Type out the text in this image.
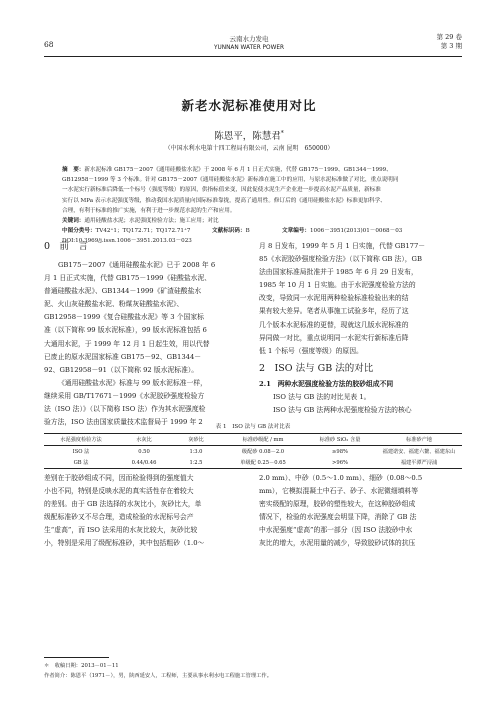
68
云南水力发电
YUNNAN WATER POWER
第 29 卷
第 3 期
新老水泥标准使用对比
陈恩平，陈慧君*
（中国水利水电第十四工程局有限公司，云南 昆明　650000）

摘　要：新水泥标准 GB175－2007《通用硅酸盐水泥》于 2008 年 6 月 1 日正式实施，代替 GB175－1999、GB1344－1999、

GB12958－1999 等 3 个标准。针对 GB175－2007《通用硅酸盐水泥》新标准在施工中的应用，与原水泥标准做了对比，重点说明同

一水泥实行新标准后降低一个标号（强度等级）的原因，供指标值来变，因此促使水泥生产企业进一步提高水泥产品质量，新标准

实行以 MPa 表示水泥强度等级，推动我国水泥质量向国际标准靠拢，提高了通用性。修订后的《通用硅酸盐水泥》标准更加科学、

合理，有利于标准的推广实施，有利于进一步规范水泥的生产和应用。

关键词：通用硅酸盐水泥；水泥强度检验方法；施工应用；对比

中图分类号：TV42⁺1；TQ172.71；TQ172.71⁺7	文献标识码：B	文章编号：1006－3951(2013)01－0068－03

DOI:10.3969/j.issn.1006－3951.2013.03－023

0　前　言

GB175－2007《通用硅酸盐水泥》已于 2008 年 6

月 1 日正式实施，代替 GB175－1999《硅酸盐水泥、

普通硅酸盐水泥》、GB1344－1999《矿渣硅酸盐水

泥、火山灰硅酸盐水泥、粉煤灰硅酸盐水泥》、

GB12958－1999《复合硅酸盐水泥》等 3 个国家标

准（以下简称 99 版水泥标准），99 版水泥标准包括 6

大通用水泥，于 1999 年 12 月 1 日起生效，用以代替

已废止的原水泥国家标准 GB175－92、GB1344－

92、GB12958－91（以下简称 92 版水泥标准）。

《通用硅酸盐水泥》标准与 99 版水泥标准一样，

继续采用 GB/T17671－1999《水泥胶砂强度检验方

法（ISO 法）》（以下简称 ISO 法）作为其水泥强度检

验方法，ISO 法由国家质量技术监督局于 1999 年 2

月 8 日发布，1999 年 5 月 1 日实施，代替 GB177－

85《水泥胶砂强度检验方法》（以下简称 GB 法），GB

法由国家标准局批准并于 1985 年 6 月 29 日发布，

1985 年 10 月 1 日实施。由于水泥强度检验方法的

改变，导致同一水泥用两种检验标准检验出来的结

果有较大差异。笔者从事施工试验多年，经历了这

几个版本水泥标准的更替，现就这几版水泥标准的

异同做一对比，重点说明同一水泥实行新标准后降

低 1 个标号（强度等级）的原因。

2　ISO 法与 GB 法的对比

2.1　两种水泥强度检验方法的胶砂组成不同

ISO 法与 GB 法的对比见表 1。

ISO 法与 GB 法两种水泥强度检验方法的核心

表 1　ISO 法与 GB 法对比表
水泥强度检验方法	水灰比	灰砂比	标准砂级配 / mm	标准砂 SiO₂ 含量	标准砂产地
ISO 法	0.50	1∶3.0	级配砂 0.08－2.0	≥98%	福建诺安、福建六鳌、福建东山
GB 法	0.44/0.46	1∶2.5	单级配 0.25－0.65	>96%	福建平潭严浔浦

差别在于胶砂组成不同，因而检验得到的强度值大

小也不同，特别是反映水泥的真实活性存在着较大

的差别。由于 GB 法选择的水灰比小，灰砂比大，单

级配标准砂又不尽合理，造成检验的水泥标号会产

生“虚高”，而 ISO 法采用的水灰比较大，灰砂比较

小，特别是采用了级配标准砂，其中包括粗砂（1.0～

2.0 mm）、中砂（0.5～1.0 mm）、细砂（0.08～0.5

mm），它模拟混凝土中石子、砂子、水泥微细填料等

密实级配的原理，胶砂的塑性较大，在这种胶砂组成

情况下，检验的水泥强度会明显下降，消除了 GB 法

中水泥强度“虚高”的那一部分（因 ISO 法胶砂中水

灰比的增大，水泥用量的减少，导致胶砂试体的抗压

＊　收稿日期：2013－01－11

作者简介：陈恩平（1971－），男，陕西延安人，工程师，主要从事水利水电工程施工管理工作。
